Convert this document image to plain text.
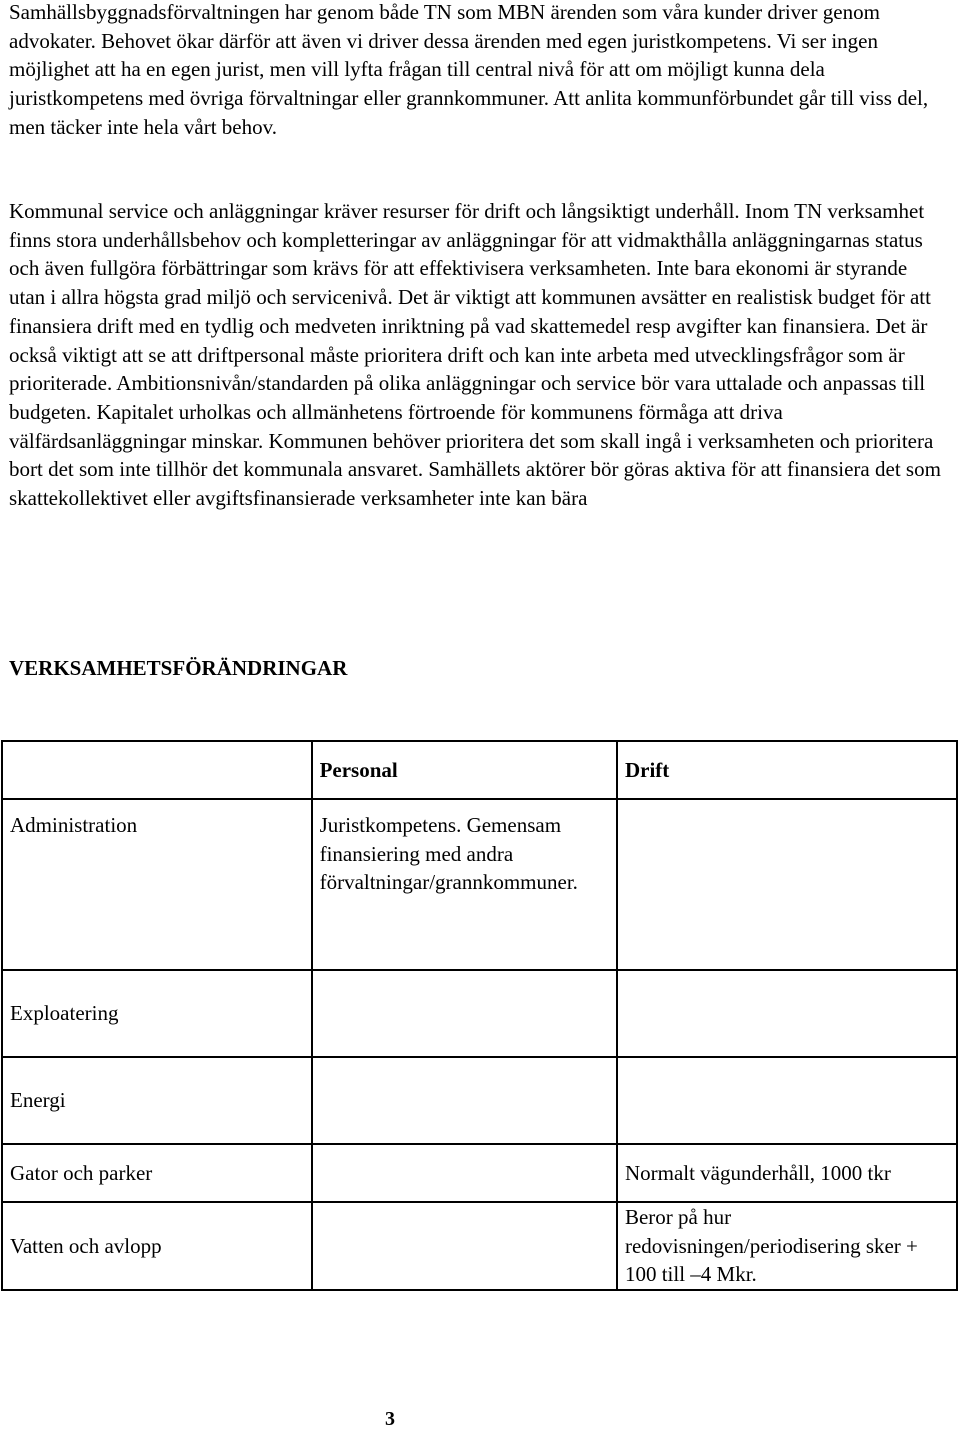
Samhällsbyggnadsförvaltningen har genom både TN som MBN ärenden som våra kunder driver genom advokater. Behovet ökar därför att även vi driver dessa ärenden med egen juristkompetens. Vi ser ingen möjlighet att ha en egen jurist, men vill lyfta frågan till central nivå för att om möjligt kunna dela juristkompetens med övriga förvaltningar eller grannkommuner. Att anlita kommunförbundet går till viss del, men täcker inte hela vårt behov.

Kommunal service och anläggningar kräver resurser för drift och långsiktigt underhåll. Inom TN verksamhet finns stora underhållsbehov och kompletteringar av anläggningar för att vidmakthålla anläggningarnas status och även fullgöra förbättringar som krävs för att effektivisera verksamheten. Inte bara ekonomi är styrande utan i allra högsta grad miljö och servicenivå. Det är viktigt att kommunen avsätter en realistisk budget för att finansiera drift med en tydlig och medveten inriktning på vad skattemedel resp avgifter kan finansiera. Det är också viktigt att se att driftpersonal måste prioritera drift och kan inte arbeta med utvecklingsfrågor som är prioriterade. Ambitionsnivån/standarden på olika anläggningar och service bör vara uttalade och anpassas till budgeten. Kapitalet urholkas och allmänhetens förtroende för kommunens förmåga att driva välfärdsanläggningar minskar. Kommunen behöver prioritera det som skall ingå i verksamheten och prioritera bort det som inte tillhör det kommunala ansvaret. Samhällets aktörer bör göras aktiva för att finansiera det som skattekollektivet eller avgiftsfinansierade verksamheter inte kan bära

VERKSAMHETSFÖRÄNDRINGAR
	Personal	Drift
Administration	Juristkompetens. Gemensam finansiering med andra förvaltningar/grannkommuner.	
Exploatering		
Energi		
Gator och parker		Normalt vägunderhåll, 1000 tkr
Vatten och avlopp		Beror på hur redovisningen/periodisering sker + 100 till –4 Mkr.
3
